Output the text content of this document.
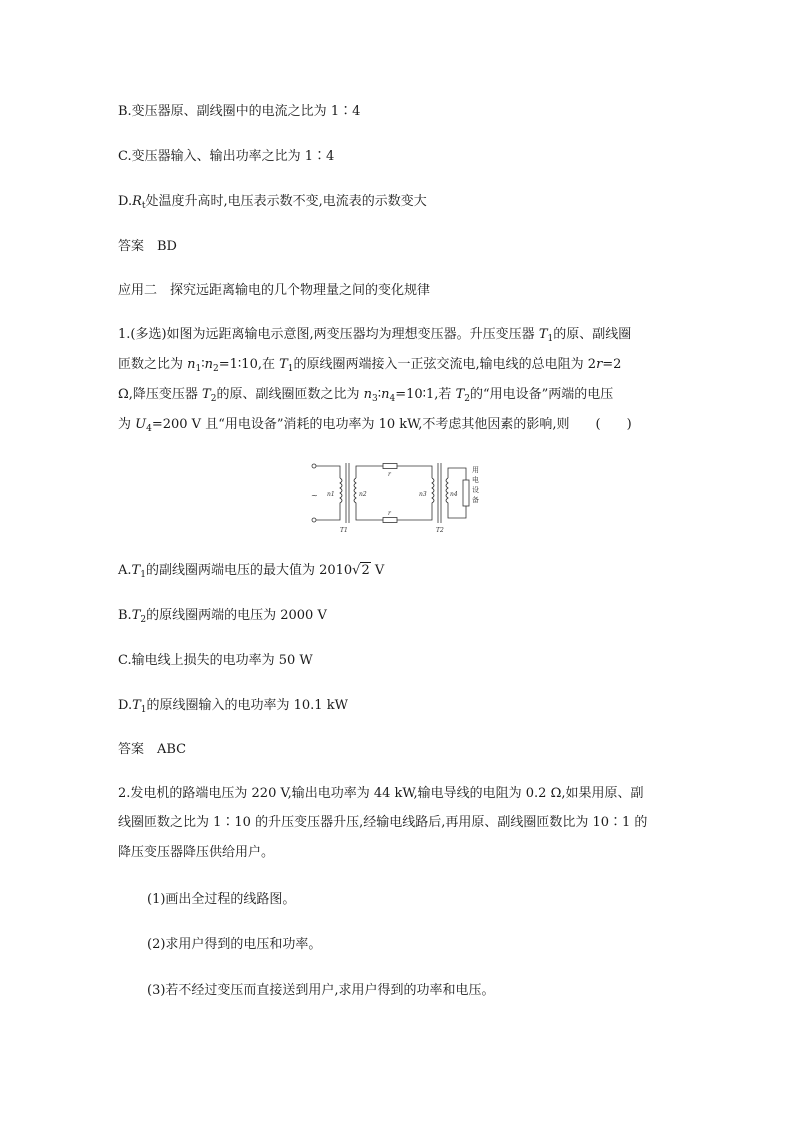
B.变压器原、副线圈中的电流之比为 1∶4
C.变压器输入、输出功率之比为 1∶4
$D.R_t$处温度升高时,电压表示数不变,电流表的示数变大
答案　BD
应用二　探究远距离输电的几个物理量之间的变化规律
1.(多选)如图为远距离输电示意图,两变压器均为理想变压器。升压变压器 $T_1$的原、副线圈
匝数之比为 $n_1∶n_2=1∶10$,在 $T_1$的原线圈两端接入一正弦交流电,输电线的总电阻为 2r=2
Ω,降压变压器 $T_2$的原、副线圈匝数之比为 $n_3∶n_4=10∶1$,若 $T_2$的“用电设备”两端的电压
为 $U_4=200$ V 且“用电设备”消耗的电功率为 10 kW,不考虑其他因素的影响,则　　(　　)
~ n1	n2
T1
r
r
n3	n4
T2
用电设备
$A.T_1$的副线圈两端电压的最大值为 2010√2 V
$B.T_2$的原线圈两端的电压为 2000 V
C.输电线上损失的电功率为 50 W
$D.T_1$的原线圈输入的电功率为 10.1 kW
答案　ABC
2.发电机的路端电压为 220 V,输出电功率为 44 kW,输电导线的电阻为 0.2 Ω,如果用原、副
线圈匝数之比为 1∶10 的升压变压器升压,经输电线路后,再用原、副线圈匝数比为 10∶1 的
降压变压器降压供给用户。
(1)画出全过程的线路图。
(2)求用户得到的电压和功率。
(3)若不经过变压而直接送到用户,求用户得到的功率和电压。
